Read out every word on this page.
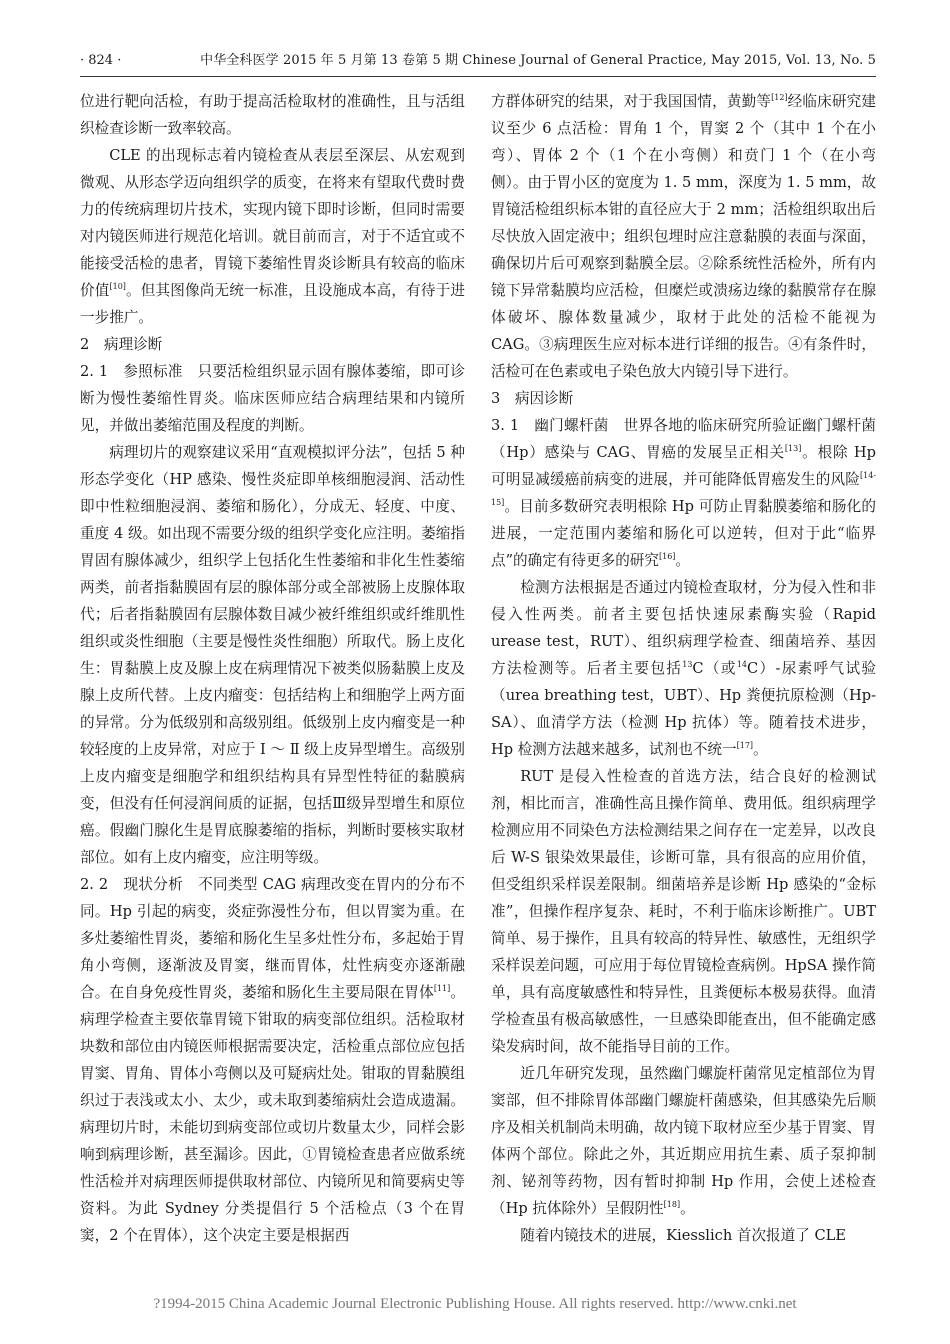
· 824 ·	中华全科医学 2015 年 5 月第 13 卷第 5 期 Chinese Journal of General Practice, May 2015, Vol. 13, No. 5

位进行靶向活检，有助于提高活检取材的准确性，且与活组织检查诊断一致率较高。

CLE 的出现标志着内镜检查从表层至深层、从宏观到微观、从形态学迈向组织学的质变，在将来有望取代费时费力的传统病理切片技术，实现内镜下即时诊断，但同时需要对内镜医师进行规范化培训。就目前而言，对于不适宜或不能接受活检的患者，胃镜下萎缩性胃炎诊断具有较高的临床价值[10]。但其图像尚无统一标准，且设施成本高，有待于进一步推广。

2　病理诊断

2. 1　参照标准　只要活检组织显示固有腺体萎缩，即可诊断为慢性萎缩性胃炎。临床医师应结合病理结果和内镜所见，并做出萎缩范围及程度的判断。

病理切片的观察建议采用“直观模拟评分法”，包括 5 种形态学变化（HP 感染、慢性炎症即单核细胞浸润、活动性即中性粒细胞浸润、萎缩和肠化），分成无、轻度、中度、重度 4 级。如出现不需要分级的组织学变化应注明。萎缩指胃固有腺体减少，组织学上包括化生性萎缩和非化生性萎缩两类，前者指黏膜固有层的腺体部分或全部被肠上皮腺体取代；后者指黏膜固有层腺体数目减少被纤维组织或纤维肌性组织或炎性细胞（主要是慢性炎性细胞）所取代。肠上皮化生：胃黏膜上皮及腺上皮在病理情况下被类似肠黏膜上皮及腺上皮所代替。上皮内瘤变：包括结构上和细胞学上两方面的异常。分为低级别和高级别组。低级别上皮内瘤变是一种较轻度的上皮异常，对应于 Ⅰ ～ Ⅱ 级上皮异型增生。高级别上皮内瘤变是细胞学和组织结构具有异型性特征的黏膜病变，但没有任何浸润间质的证据，包括Ⅲ级异型增生和原位癌。假幽门腺化生是胃底腺萎缩的指标，判断时要核实取材部位。如有上皮内瘤变，应注明等级。

2. 2　现状分析　不同类型 CAG 病理改变在胃内的分布不同。Hp 引起的病变，炎症弥漫性分布，但以胃窦为重。在多灶萎缩性胃炎，萎缩和肠化生呈多灶性分布，多起始于胃角小弯侧，逐渐波及胃窦，继而胃体，灶性病变亦逐渐融合。在自身免疫性胃炎，萎缩和肠化生主要局限在胃体[11]。病理学检查主要依靠胃镜下钳取的病变部位组织。活检取材块数和部位由内镜医师根据需要决定，活检重点部位应包括胃窦、胃角、胃体小弯侧以及可疑病灶处。钳取的胃黏膜组织过于表浅或太小、太少，或未取到萎缩病灶会造成遗漏。病理切片时，未能切到病变部位或切片数量太少，同样会影响到病理诊断，甚至漏诊。因此，①胃镜检查患者应做系统性活检并对病理医师提供取材部位、内镜所见和简要病史等资料。为此 Sydney 分类提倡行 5 个活检点（3 个在胃窦，2 个在胃体），这个决定主要是根据西

方群体研究的结果，对于我国国情，黄勤等[12]经临床研究建议至少 6 点活检：胃角 1 个，胃窦 2 个（其中 1 个在小弯）、胃体 2 个（1 个在小弯侧）和贲门 1 个（在小弯侧）。由于胃小区的宽度为 1. 5 mm，深度为 1. 5 mm，故胃镜活检组织标本钳的直径应大于 2 mm；活检组织取出后尽快放入固定液中；组织包埋时应注意黏膜的表面与深面，确保切片后可观察到黏膜全层。②除系统性活检外，所有内镜下异常黏膜均应活检，但糜烂或溃疡边缘的黏膜常存在腺体破坏、腺体数量减少，取材于此处的活检不能视为 CAG。③病理医生应对标本进行详细的报告。④有条件时，活检可在色素或电子染色放大内镜引导下进行。

3　病因诊断

3. 1　幽门螺杆菌　世界各地的临床研究所验证幽门螺杆菌（Hp）感染与 CAG、胃癌的发展呈正相关[13]。根除 Hp 可明显减缓癌前病变的进展，并可能降低胃癌发生的风险[14-15]。目前多数研究表明根除 Hp 可防止胃黏膜萎缩和肠化的进展，一定范围内萎缩和肠化可以逆转，但对于此“临界点”的确定有待更多的研究[16]。

检测方法根据是否通过内镜检查取材，分为侵入性和非侵入性两类。前者主要包括快速尿素酶实验（Rapid urease test，RUT）、组织病理学检查、细菌培养、基因方法检测等。后者主要包括$^{13}$C（或$^{14}$C）-尿素呼气试验（urea breathing test，UBT）、Hp 粪便抗原检测（Hp-SA）、血清学方法（检测 Hp 抗体）等。随着技术进步，Hp 检测方法越来越多，试剂也不统一[17]。

RUT 是侵入性检查的首选方法，结合良好的检测试剂，相比而言，准确性高且操作简单、费用低。组织病理学检测应用不同染色方法检测结果之间存在一定差异，以改良后 W-S 银染效果最佳，诊断可靠，具有很高的应用价值，但受组织采样误差限制。细菌培养是诊断 Hp 感染的“金标准”，但操作程序复杂、耗时，不利于临床诊断推广。UBT 简单、易于操作，且具有较高的特异性、敏感性，无组织学采样误差问题，可应用于每位胃镜检查病例。HpSA 操作简单，具有高度敏感性和特异性，且粪便标本极易获得。血清学检查虽有极高敏感性，一旦感染即能查出，但不能确定感染发病时间，故不能指导目前的工作。

近几年研究发现，虽然幽门螺旋杆菌常见定植部位为胃窦部，但不排除胃体部幽门螺旋杆菌感染，但其感染先后顺序及相关机制尚未明确，故内镜下取材应至少基于胃窦、胃体两个部位。除此之外，其近期应用抗生素、质子泵抑制剂、铋剂等药物，因有暂时抑制 Hp 作用，会使上述检查（Hp 抗体除外）呈假阴性[18]。

随着内镜技术的进展，Kiesslich 首次报道了 CLE

?1994-2015 China Academic Journal Electronic Publishing House. All rights reserved. http://www.cnki.net
